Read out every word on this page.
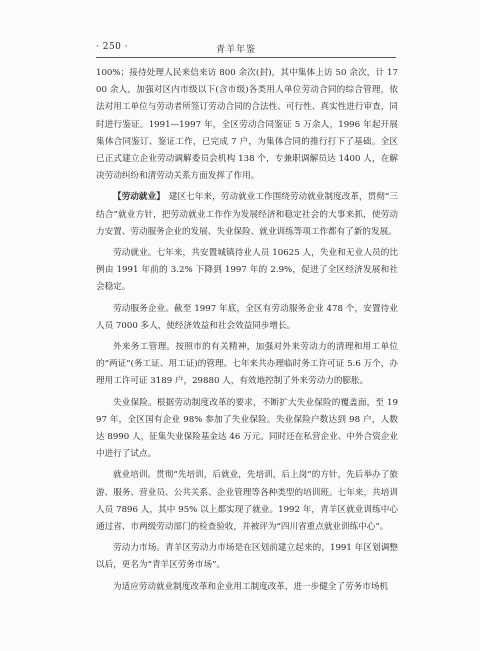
· 250 ·	青羊年鉴

100%；接待处理人民来信来访 800 余次(封)，其中集体上访 50 余次，计 1700 余人，加强对区内市级以下(含市级)各类用人单位劳动合同的综合管理，依法对用工单位与劳动者所签订劳动合同的合法性、可行性、真实性进行审查，同时进行鉴证。1991—1997 年，全区劳动合同鉴证 5 万余人，1996 年起开展集体合同鉴订、鉴证工作，已完成 7 户，为集体合同的推行打下了基础。全区已正式建立企业劳动调解委员会机构 138 个，专兼职调解员达 1400 人，在解决劳动纠纷和清劳动关系方面发挥了作用。

【劳动就业】 建区七年来，劳动就业工作围绕劳动就业制度改革，贯彻“三结合”就业方针，把劳动就业工作作为发展经济和稳定社会的大事来抓，使劳动力安置、劳动服务企业的发展、失业保险、就业训练等项工作都有了新的发展。

劳动就业。七年来，共安置城镇待业人员 10625 人，失业和无业人员的比例由 1991 年前的 3.2% 下降到 1997 年的 2.9%，促进了全区经济发展和社会稳定。

劳动服务企业。截至 1997 年底，全区有劳动服务企业 478 个，安置待业人员 7000 多人，使经济效益和社会效益同步增长。

外来务工管理。按照市的有关精神，加强对外来劳动力的清理和用工单位的“两证”(务工证、用工证)的管理。七年来共办理临时务工许可证 5.6 万个，办理用工许可证 3189 户，29880 人，有效地控制了外来劳动力的膨胀。

失业保险。根据劳动制度改革的要求，不断扩大失业保险的覆盖面，至 1997 年，全区国有企业 98% 参加了失业保险。失业保险户数达到 98 户，人数达 8990 人，征集失业保险基金达 46 万元。同时还在私营企业、中外合资企业中进行了试点。

就业培训。贯彻“先培训，后就业，先培训，后上岗”的方针，先后举办了旅游、服务、营业员、公共关系、企业管理等各种类型的培训班。七年来，共培训人员 7896 人，其中 95% 以上都实现了就业。1992 年，青羊区就业训练中心通过省、市两级劳动部门的检查验收，并被评为“四川省重点就业训练中心”。

劳动力市场。青羊区劳动力市场是在区划前建立起来的，1991 年区划调整以后，更名为“青羊区劳务市场”。

为适应劳动就业制度改革和企业用工制度改革，进一步健全了劳务市场机
